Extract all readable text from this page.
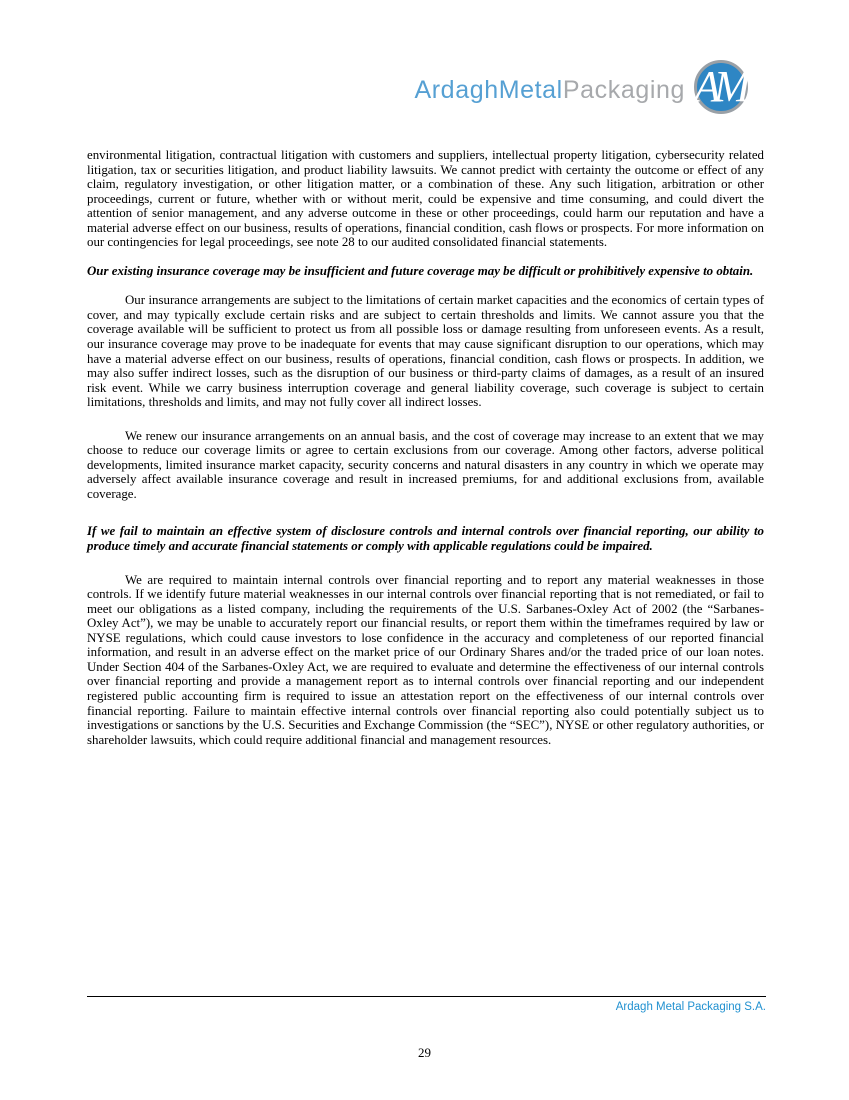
ArdaghMetalPackaging AMP

environmental litigation, contractual litigation with customers and suppliers, intellectual property litigation, cybersecurity related litigation, tax or securities litigation, and product liability lawsuits. We cannot predict with certainty the outcome or effect of any claim, regulatory investigation, or other litigation matter, or a combination of these. Any such litigation, arbitration or other proceedings, current or future, whether with or without merit, could be expensive and time consuming, and could divert the attention of senior management, and any adverse outcome in these or other proceedings, could harm our reputation and have a material adverse effect on our business, results of operations, financial condition, cash flows or prospects. For more information on our contingencies for legal proceedings, see note 28 to our audited consolidated financial statements.

Our existing insurance coverage may be insufficient and future coverage may be difficult or prohibitively expensive to obtain.

Our insurance arrangements are subject to the limitations of certain market capacities and the economics of certain types of cover, and may typically exclude certain risks and are subject to certain thresholds and limits. We cannot assure you that the coverage available will be sufficient to protect us from all possible loss or damage resulting from unforeseen events. As a result, our insurance coverage may prove to be inadequate for events that may cause significant disruption to our operations, which may have a material adverse effect on our business, results of operations, financial condition, cash flows or prospects. In addition, we may also suffer indirect losses, such as the disruption of our business or third-party claims of damages, as a result of an insured risk event. While we carry business interruption coverage and general liability coverage, such coverage is subject to certain limitations, thresholds and limits, and may not fully cover all indirect losses.

We renew our insurance arrangements on an annual basis, and the cost of coverage may increase to an extent that we may choose to reduce our coverage limits or agree to certain exclusions from our coverage. Among other factors, adverse political developments, limited insurance market capacity, security concerns and natural disasters in any country in which we operate may adversely affect available insurance coverage and result in increased premiums, for and additional exclusions from, available coverage.

If we fail to maintain an effective system of disclosure controls and internal controls over financial reporting, our ability to produce timely and accurate financial statements or comply with applicable regulations could be impaired.

We are required to maintain internal controls over financial reporting and to report any material weaknesses in those controls. If we identify future material weaknesses in our internal controls over financial reporting that is not remediated, or fail to meet our obligations as a listed company, including the requirements of the U.S. Sarbanes-Oxley Act of 2002 (the “Sarbanes-Oxley Act”), we may be unable to accurately report our financial results, or report them within the timeframes required by law or NYSE regulations, which could cause investors to lose confidence in the accuracy and completeness of our reported financial information, and result in an adverse effect on the market price of our Ordinary Shares and/or the traded price of our loan notes. Under Section 404 of the Sarbanes-Oxley Act, we are required to evaluate and determine the effectiveness of our internal controls over financial reporting and provide a management report as to internal controls over financial reporting and our independent registered public accounting firm is required to issue an attestation report on the effectiveness of our internal controls over financial reporting. Failure to maintain effective internal controls over financial reporting also could potentially subject us to investigations or sanctions by the U.S. Securities and Exchange Commission (the “SEC”), NYSE or other regulatory authorities, or shareholder lawsuits, which could require additional financial and management resources.

Ardagh Metal Packaging S.A.
29
